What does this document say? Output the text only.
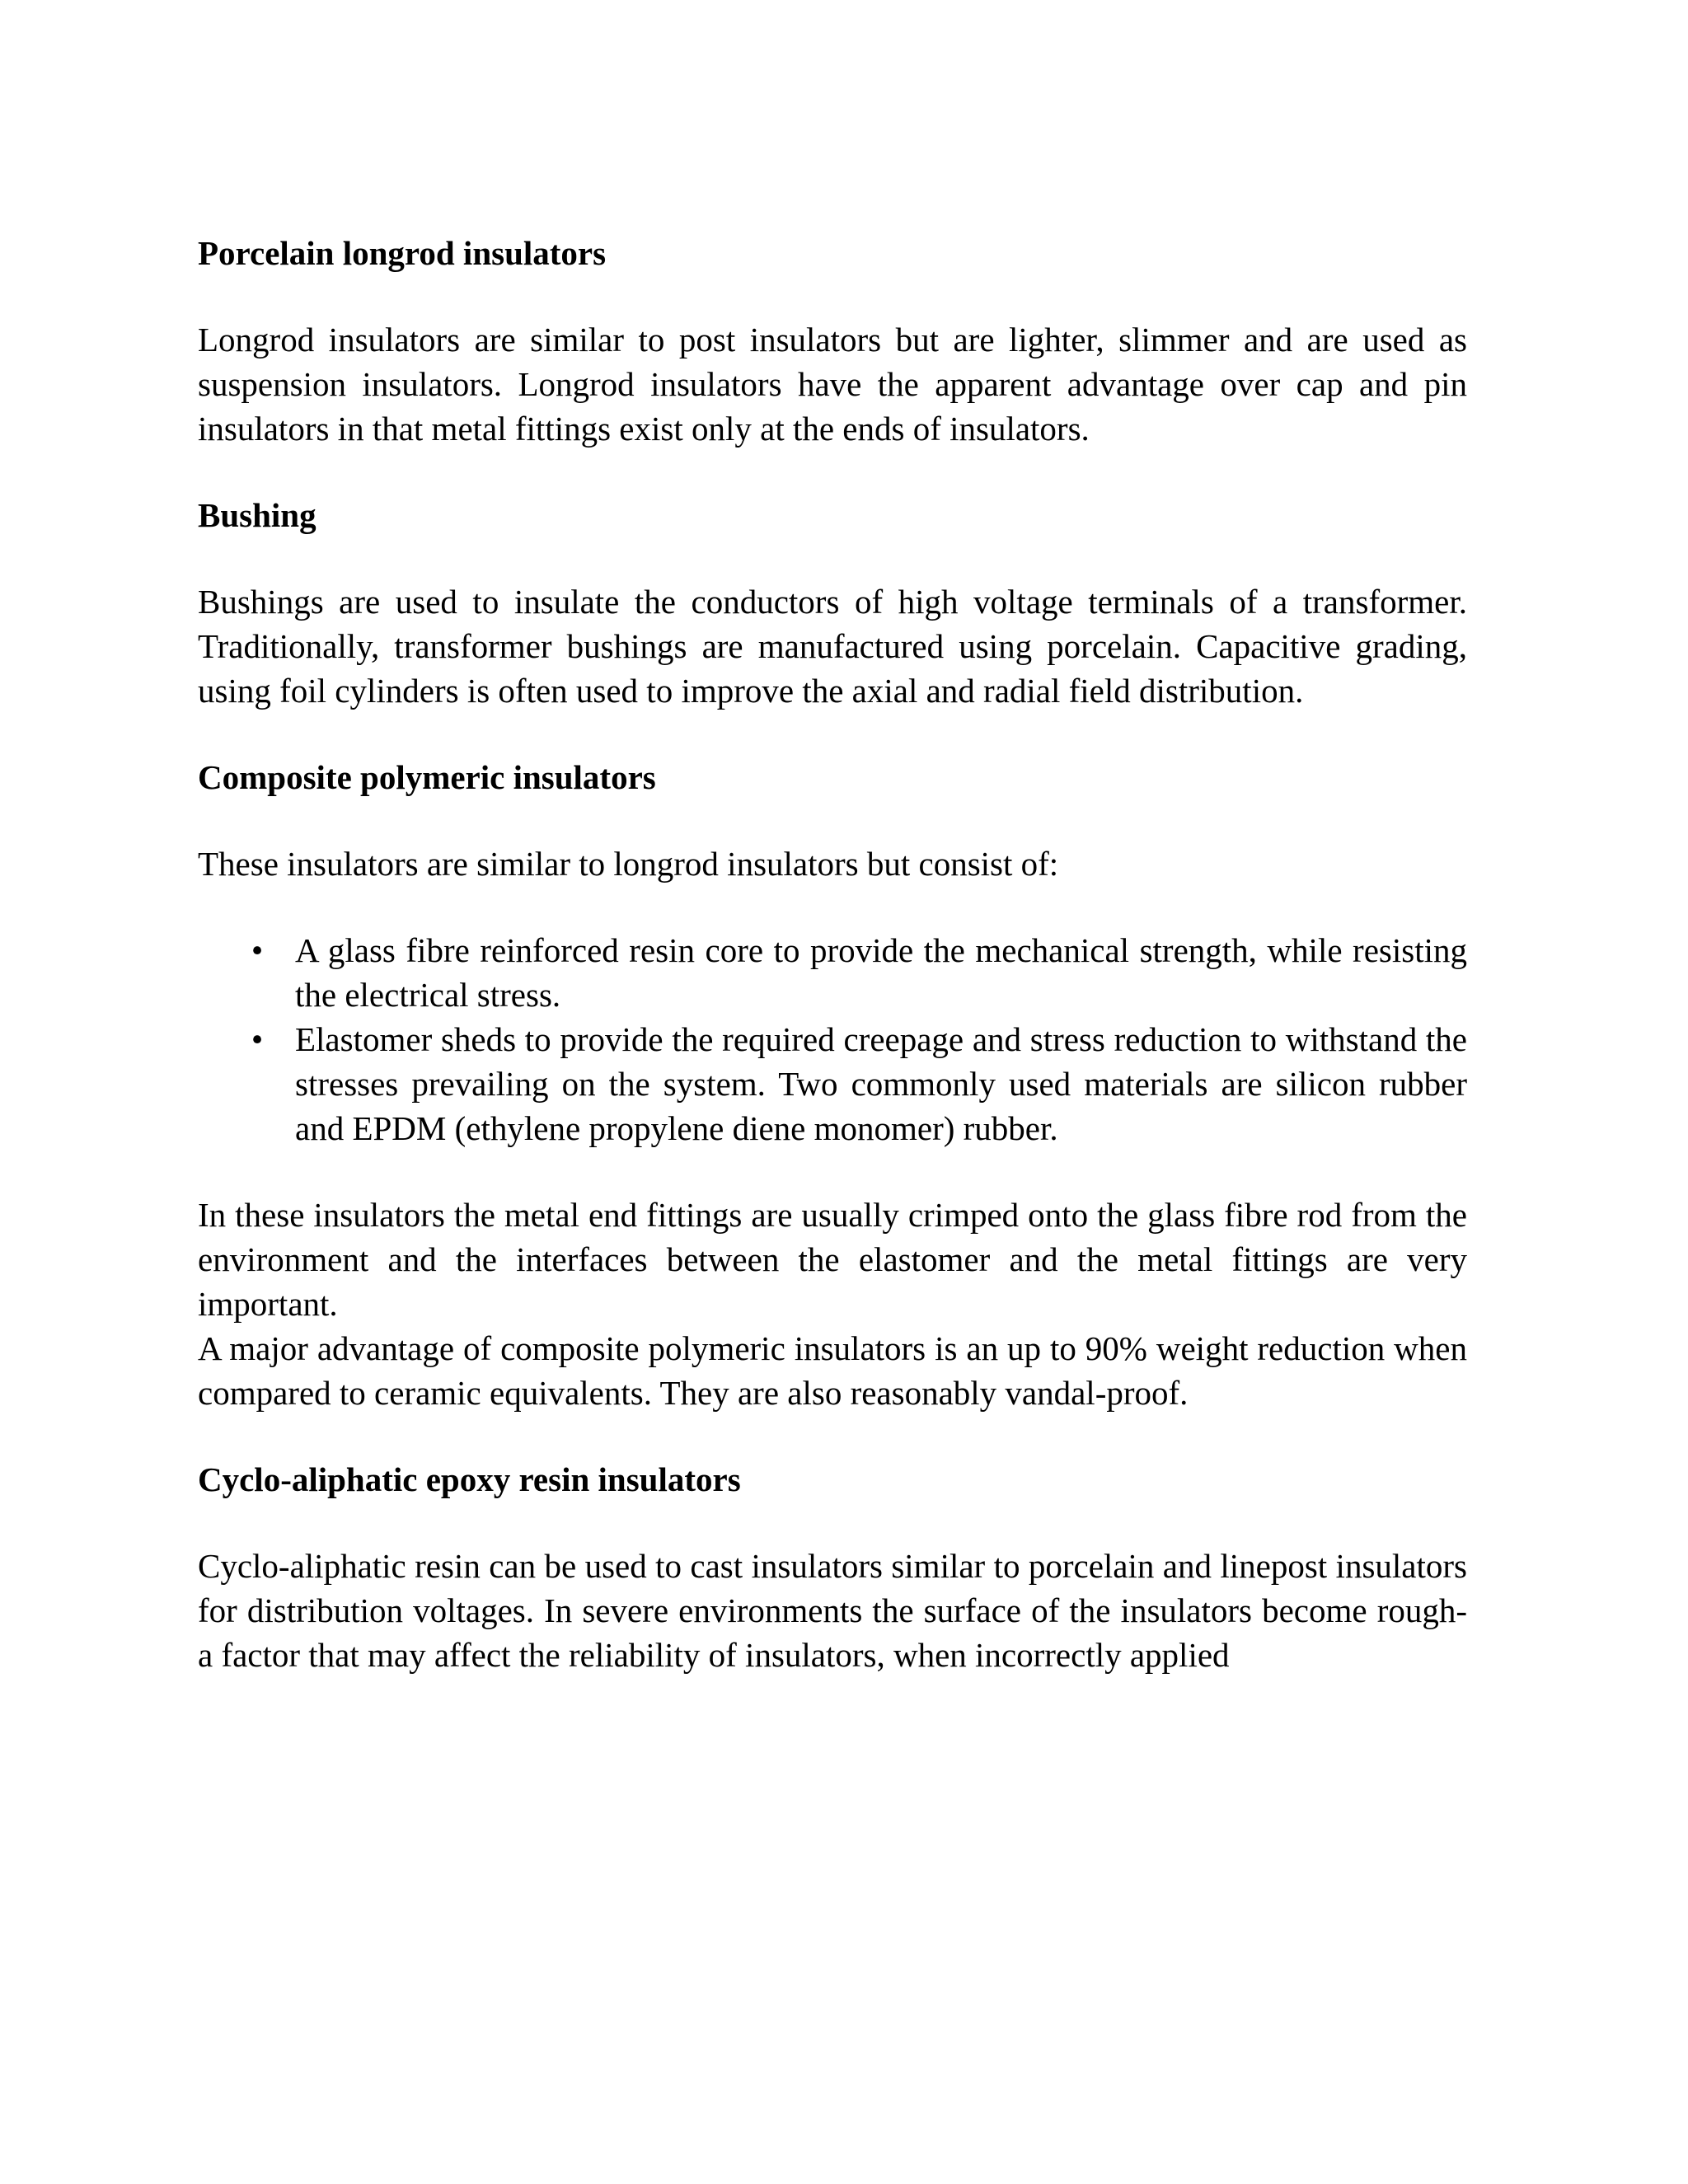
Porcelain longrod insulators

Longrod insulators are similar to post insulators but are lighter, slimmer and are used as suspension insulators. Longrod insulators have the apparent advantage over cap and pin insulators in that metal fittings exist only at the ends of insulators.

Bushing

Bushings are used to insulate the conductors of high voltage terminals of a transformer. Traditionally, transformer bushings are manufactured using porcelain. Capacitive grading, using foil cylinders is often used to improve the axial and radial field distribution.

Composite polymeric insulators

These insulators are similar to longrod insulators but consist of:

• A glass fibre reinforced resin core to provide the mechanical strength, while resisting the electrical stress.
• Elastomer sheds to provide the required creepage and stress reduction to withstand the stresses prevailing on the system. Two commonly used materials are silicon rubber and EPDM (ethylene propylene diene monomer) rubber.

In these insulators the metal end fittings are usually crimped onto the glass fibre rod from the environment and the interfaces between the elastomer and the metal fittings are very important.

A major advantage of composite polymeric insulators is an up to 90% weight reduction when compared to ceramic equivalents. They are also reasonably vandal-proof.

Cyclo-aliphatic epoxy resin insulators

Cyclo-aliphatic resin can be used to cast insulators similar to porcelain and linepost insulators for distribution voltages. In severe environments the surface of the insulators become rough- a factor that may affect the reliability of insulators, when incorrectly applied
